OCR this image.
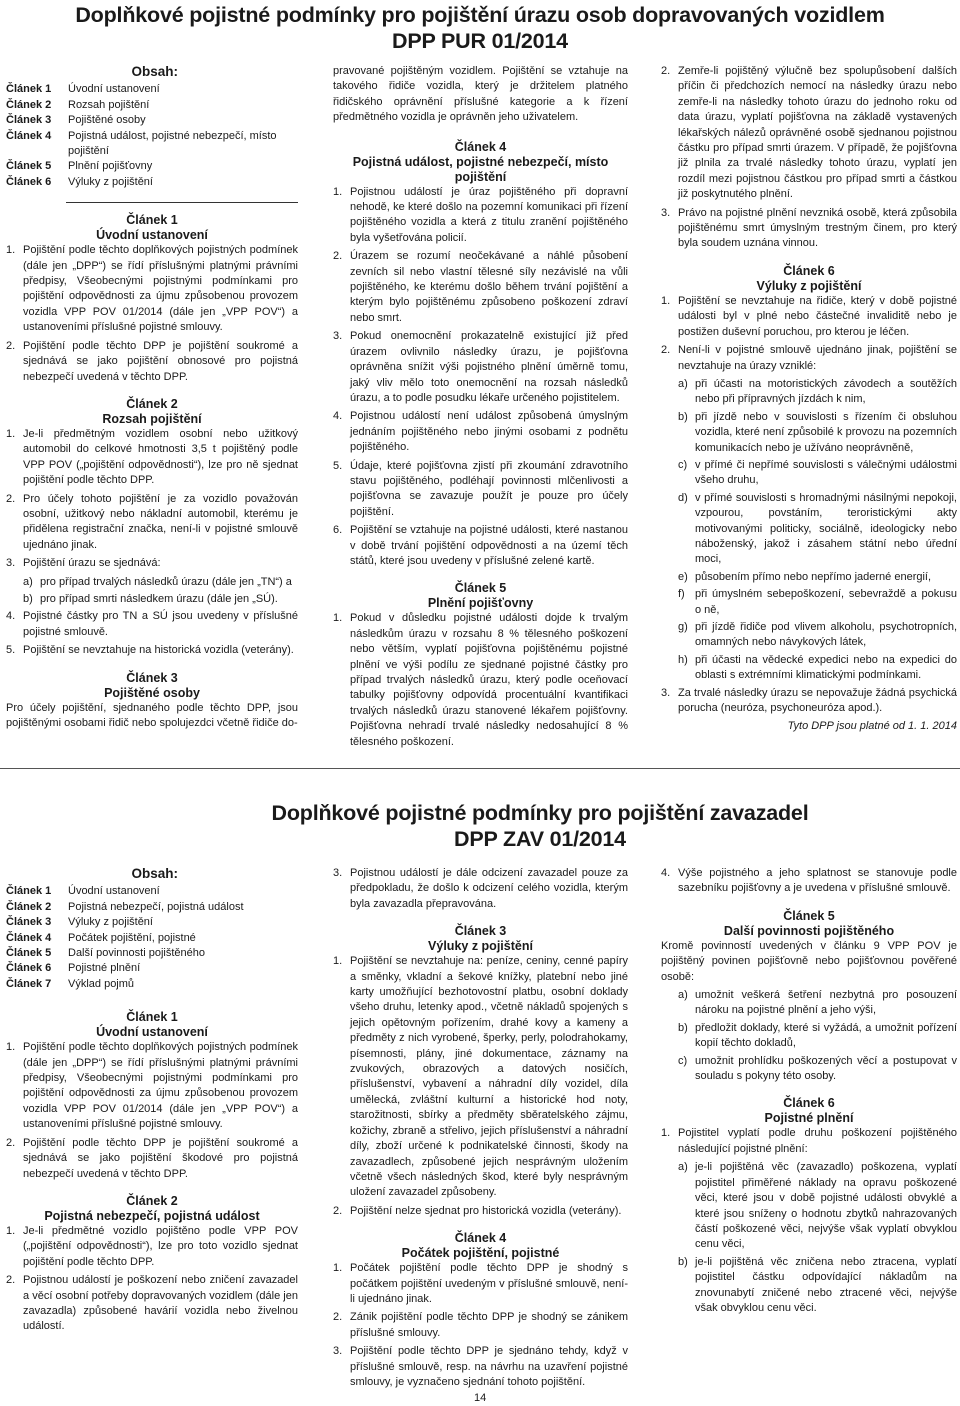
Doplňkové pojistné podmínky pro pojištění úrazu osob dopravovaných vozidlem
DPP PUR 01/2014
Obsah:
Článek 1	Úvodní ustanovení
Článek 2	Rozsah pojištění
Článek 3	Pojištěné osoby
Článek 4	Pojistná událost, pojistné nebezpečí, místo pojištění
Článek 5	Plnění pojišťovny
Článek 6	Výluky z pojištění
Článek 1
Úvodní ustanovení
1. Pojištění podle těchto doplňkových pojistných podmínek (dále jen „DPP“) se řídí příslušnými platnými právními předpisy, Všeobecnými pojistnými podmínkami pro pojištění odpovědnosti za újmu způsobenou provozem vozidla VPP POV 01/2014 (dále jen „VPP POV“) a ustanoveními příslušné pojistné smlouvy.
2. Pojištění podle těchto DPP je pojištění soukromé a sjednává se jako pojištění obnosové pro pojistná nebezpečí uvedená v těchto DPP.
Článek 2
Rozsah pojištění
1. Je-li předmětným vozidlem osobní nebo užitkový automobil do celkové hmotnosti 3,5 t pojištěný podle VPP POV („pojištění odpovědnosti“), lze pro ně sjednat pojištění podle těchto DPP.
2. Pro účely tohoto pojištění je za vozidlo považován osobní, užitkový nebo nákladní automobil, kterému je přidělena registrační značka, není-li v pojistné smlouvě ujednáno jinak.
3. Pojištění úrazu se sjednává:
a) pro případ trvalých následků úrazu (dále jen „TN“) a
b) pro případ smrti následkem úrazu (dále jen „SÚ).
4. Pojistné částky pro TN a SÚ jsou uvedeny v příslušné pojistné smlouvě.
5. Pojištění se nevztahuje na historická vozidla (veterány).
Článek 3
Pojištěné osoby
Pro účely pojištění, sjednaného podle těchto DPP, jsou pojištěnými osobami řidič nebo spolujezdci včetně řidiče do-
pravované pojištěným vozidlem. Pojištění se vztahuje na takového řidiče vozidla, který je držitelem platného řidičského oprávnění příslušné kategorie a k řízení předmětného vozidla je oprávněn jeho uživatelem.
Článek 4
Pojistná událost, pojistné nebezpečí, místo pojištění
1. Pojistnou událostí je úraz pojištěného při dopravní nehodě, ke které došlo na pozemní komunikaci při řízení pojištěného vozidla a která z titulu zranění pojištěného byla vyšetřována policií.
2. Úrazem se rozumí neočekávané a náhlé působení zevních sil nebo vlastní tělesné síly nezávislé na vůli pojištěného, ke kterému došlo během trvání pojištění a kterým bylo pojištěnému způsobeno poškození zdraví nebo smrt.
3. Pokud onemocnění prokazatelně existující již před úrazem ovlivnilo následky úrazu, je pojišťovna oprávněna snížit výši pojistného plnění úměrně tomu, jaký vliv mělo toto onemocnění na rozsah následků úrazu, a to podle posudku lékaře určeného pojistitelem.
4. Pojistnou událostí není událost způsobená úmyslným jednáním pojištěného nebo jinými osobami z podnětu pojištěného.
5. Údaje, které pojišťovna zjistí při zkoumání zdravotního stavu pojištěného, podléhají povinnosti mlčenlivosti a pojišťovna se zavazuje použít je pouze pro účely pojištění.
6. Pojištění se vztahuje na pojistné události, které nastanou v době trvání pojištění odpovědnosti a na území těch států, které jsou uvedeny v příslušné zelené kartě.
Článek 5
Plnění pojišťovny
1. Pokud v důsledku pojistné události dojde k trvalým následkům úrazu v rozsahu 8 % tělesného poškození nebo větším, vyplatí pojišťovna pojištěnému pojistné plnění ve výši podílu ze sjednané pojistné částky pro případ trvalých následků úrazu, který podle oceňovací tabulky pojišťovny odpovídá procentuální kvantifikaci trvalých následků úrazu stanovené lékařem pojišťovny. Pojišťovna nehradí trvalé následky nedosahující 8 % tělesného poškození.
2. Zemře-li pojištěný výlučně bez spolupůsobení dalších příčin či předchozích nemocí na následky úrazu nebo zemře-li na následky tohoto úrazu do jednoho roku od data úrazu, vyplatí pojišťovna na základě vystavených lékařských nálezů oprávněné osobě sjednanou pojistnou částku pro případ smrti úrazem. V případě, že pojišťovna již plnila za trvalé následky tohoto úrazu, vyplatí jen rozdíl mezi pojistnou částkou pro případ smrti a částkou již poskytnutého plnění.
3. Právo na pojistné plnění nevzniká osobě, která způsobila pojištěnému smrt úmyslným trestným činem, pro který byla soudem uznána vinnou.
Článek 6
Výluky z pojištění
1. Pojištění se nevztahuje na řidiče, který v době pojistné události byl v plné nebo částečné invaliditě nebo je postižen duševní poruchou, pro kterou je léčen.
2. Není-li v pojistné smlouvě ujednáno jinak, pojištění se nevztahuje na úrazy vzniklé:
a) při účasti na motoristických závodech a soutěžích nebo při přípravných jízdách k nim,
b) při jízdě nebo v souvislosti s řízením či obsluhou vozidla, které není způsobilé k provozu na pozemních komunikacích nebo je užíváno neoprávněně,
c) v přímé či nepřímé souvislosti s válečnými událostmi všeho druhu,
d) v přímé souvislosti s hromadnými násilnými nepokoji, vzpourou, povstáním, teroristickými akty motivovanými politicky, sociálně, ideologicky nebo náboženský, jakož i zásahem státní nebo úřední moci,
e) působením přímo nebo nepřímo jaderné energií,
f) při úmyslném sebepoškození, sebevraždě a pokusu o ně,
g) při jízdě řidiče pod vlivem alkoholu, psychotropních, omamných nebo návykových látek,
h) při účasti na vědecké expedici nebo na expedici do oblasti s extrémními klimatickými podmínkami.
3. Za trvalé následky úrazu se nepovažuje žádná psychická porucha (neuróza, psychoneuróza apod.).
Tyto DPP jsou platné od 1. 1. 2014
Doplňkové pojistné podmínky pro pojištění zavazadel
DPP ZAV 01/2014
Obsah:
Článek 1	Úvodní ustanovení
Článek 2	Pojistná nebezpečí, pojistná událost
Článek 3	Výluky z pojištění
Článek 4	Počátek pojištění, pojistné
Článek 5	Další povinnosti pojištěného
Článek 6	Pojistné plnění
Článek 7	Výklad pojmů
Článek 1
Úvodní ustanovení
1. Pojištění podle těchto doplňkových pojistných podmínek (dále jen „DPP“) se řídí příslušnými platnými právními předpisy, Všeobecnými pojistnými podmínkami pro pojištění odpovědnosti za újmu způsobenou provozem vozidla VPP POV 01/2014 (dále jen „VPP POV“) a ustanoveními příslušné pojistné smlouvy.
2. Pojištění podle těchto DPP je pojištění soukromé a sjednává se jako pojištění škodové pro pojistná nebezpečí uvedená v těchto DPP.
Článek 2
Pojistná nebezpečí, pojistná událost
1. Je-li předmětné vozidlo pojištěno podle VPP POV („pojištění odpovědnosti“), lze pro toto vozidlo sjednat pojištění podle těchto DPP.
2. Pojistnou událostí je poškození nebo zničení zavazadel a věcí osobní potřeby dopravovaných vozidlem (dále jen zavazadla) způsobené havárií vozidla nebo živelnou událostí.
3. Pojistnou událostí je dále odcizení zavazadel pouze za předpokladu, že došlo k odcizení celého vozidla, kterým byla zavazadla přepravována.
Článek 3
Výluky z pojištění
1. Pojištění se nevztahuje na: peníze, ceniny, cenné papíry a směnky, vkladní a šekové knížky, platební nebo jiné karty umožňující bezhotovostní platbu, osobní doklady všeho druhu, letenky apod., včetně nákladů spojených s jejich opětovným pořízením, drahé kovy a kameny a předměty z nich vyrobené, šperky, perly, polodrahokamy, písemnosti, plány, jiné dokumentace, záznamy na zvukových, obrazových a datových nosičích, příslušenství, vybavení a náhradní díly vozidel, díla umělecká, zvláštní kulturní a historické hod noty, starožitnosti, sbírky a předměty sběratelského zájmu, kožichy, zbraně a střelivo, jejich příslušenství a náhradní díly, zboží určené k podnikatelské činnosti, škody na zavazadlech, způsobené jejich nesprávným uložením včetně všech následných škod, které byly nesprávným uložení zavazadel způsobeny.
2. Pojištění nelze sjednat pro historická vozidla (veterány).
Článek 4
Počátek pojištění, pojistné
1. Počátek pojištění podle těchto DPP je shodný s počátkem pojištění uvedeným v příslušné smlouvě, není-li ujednáno jinak.
2. Zánik pojištění podle těchto DPP je shodný se zánikem příslušné smlouvy.
3. Pojištění podle těchto DPP je sjednáno tehdy, když v příslušné smlouvě, resp. na návrhu na uzavření pojistné smlouvy, je vyznačeno sjednání tohoto pojištění.
4. Výše pojistného a jeho splatnost se stanovuje podle sazebníku pojišťovny a je uvedena v příslušné smlouvě.
Článek 5
Další povinnosti pojištěného
Kromě povinností uvedených v článku 9 VPP POV je pojištěný povinen pojišťovně nebo pojišťovnou pověřené osobě:
a) umožnit veškerá šetření nezbytná pro posouzení nároku na pojistné plnění a jeho výši,
b) předložit doklady, které si vyžádá, a umožnit pořízení kopií těchto dokladů,
c) umožnit prohlídku poškozených věcí a postupovat v souladu s pokyny této osoby.
Článek 6
Pojistné plnění
1. Pojistitel vyplatí podle druhu poškození pojištěného následující pojistné plnění:
a) je-li pojištěná věc (zavazadlo) poškozena, vyplatí pojistitel přiměřené náklady na opravu poškozené věci, které jsou v době pojistné události obvyklé a které jsou sníženy o hodnotu zbytků nahrazovaných částí poškozené věci, nejvýše však vyplatí obvyklou cenu věci,
b) je-li pojištěná věc zničena nebo ztracena, vyplatí pojistitel částku odpovídající nákladům na znovunabytí zničené nebo ztracené věci, nejvýše však obvyklou cenu věci.
14
